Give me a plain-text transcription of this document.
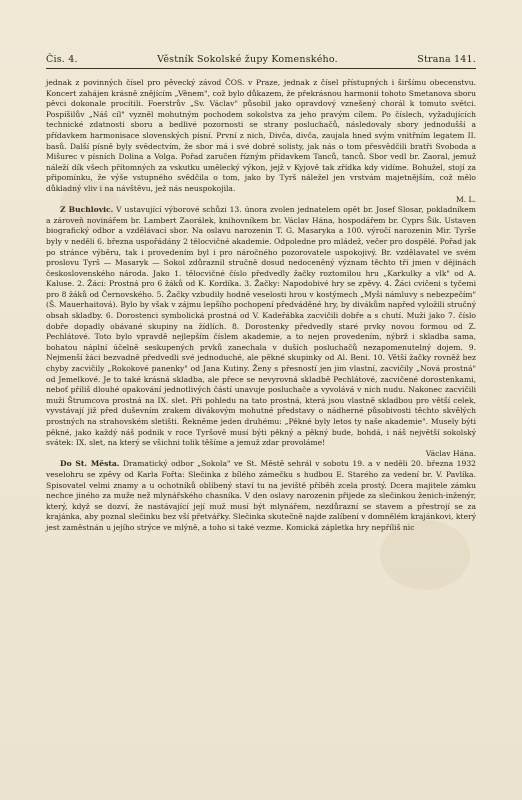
Čis. 4.	Věstník Sokolské župy Komenského.	Strana 141.

jednak z povinných čísel pro pěvecký závod ČOS. v Praze, jednak z čísel přístupných i širšímu obecenstvu. Koncert zahájen krásně znějícím „Věnem", což bylo důkazem, že překrásnou harmonii tohoto Smetanova sboru pěvci dokonale procítili. Foerstrův „Sv. Václav" působil jako opravdový vznešený chorál k tomuto světci. Pospíšilův „Náš cíl" vyzněl mohutným pochodem sokolstva za jeho pravým cílem. Po číslech, vyžadujících technické zdatnosti sboru a bedlivé pozornosti se strany posluchačů, následovaly sbory jednodušší a přídavkem harmonisace slovenských písní. První z nich, Divča, divča, zaujala hned svým vnitřním legatem II. basů. Další písně byly svědectvím, že sbor má i své dobré solisty, jak nás o tom přesvědčili bratři Svoboda a Mišurec v písních Dolina a Volga. Pořad zaručen řízným přídavkem Tanců, tanců. Sbor vedl br. Zaoral, jemuž náleží dík všech přítomných za vskutku umělecký výkon, jejž v Kyjově tak zřídka kdy vidíme. Bohužel, stojí za připomínku, že výše vstupného svědčila o tom, jako by Tyrš náležel jen vrstvám majetnějším, což mělo důkladný vliv i na návštěvu, jež nás neuspokojila.
M. L.

Z Buchlovic. V ustavující výborové schůzi 13. února zvolen jednatelem opět br. Josef Slosar, pokladníkem a zároveň novinářem br. Lambert Zaorálek, knihovníkem br. Václav Hána, hospodářem br. Cyprs Šik. Ustaven biografický odbor a vzdělávací sbor. Na oslavu narozenin T. G. Masaryka a 100. výročí narozenin Mir. Tyrše byly v neděli 6. března uspořádány 2 tělocvičné akademie. Odpoledne pro mládež, večer pro dospělé. Pořad jak po stránce výběru, tak i provedením byl i pro náročného pozorovatele uspokojivý. Br. vzdělavatel ve svém proslovu Tyrš — Masaryk — Sokol zdůraznil stručně dosud nedoceněný význam těchto tří jmen v dějinách československého národa. Jako 1. tělocvičné číslo předvedly žačky roztomilou hru „Karkulky a vlk" od A. Kaluse. 2. Žáci: Prostná pro 6 žáků od K. Kordíka. 3. Žačky: Napodobivé hry se zpěvy. 4. Žáci cvičeni s tyčemi pro 8 žáků od Černovského. 5. Žačky vzbudily hodně veselosti hrou v kostýmech „Myši námluvy s nebezpečím" (Š. Mauerhaitová). Bylo by však v zájmu lepšího pochopení předváděné hry, by divákům napřed vyložili stručný obsah skladby. 6. Dorostenci symbolická prostná od V. Kadeřábka zacvičili dobře a s chutí. Muži jako 7. číslo dobře dopadly obávané skupiny na žídlích. 8. Dorostenky předvedly staré prvky novou formou od Z. Pechlátové. Toto bylo vpravdě nejlepším číslem akademie, a to nejen provedením, nýbrž i skladba sama, bohatou náplní účelně seskupených prvků zanechala v duších posluchačů nezapomenutelný dojem. 9. Nejmenší žáci bezvadně předvedli své jednoduché, ale pěkné skupinky od Al. Beni. 10. Větší žačky rovněž bez chyby zacvičily „Rokokové panenky" od Jana Kutiny. Ženy s přesností jen jim vlastní, zacvičily „Nová prostná" od Jemelkové. Je to také krásná skladba, ale přece se nevyrovná skladbě Pechlátové, zacvičené dorostenkami, neboť příliš dlouhé opakování jednotlivých částí unavuje posluchače a vyvolává v nich nudu. Nakonec zacvičili muži Štrumcova prostná na IX. slet. Při pohledu na tato prostná, která jsou vlastně skladbou pro větší celek, vyvstávají již před duševním zrakem divákovým mohutné představy o nádherné působivosti těchto skvělých prostných na strahovském sletišti. Řekněme jeden druhému: „Pěkné byly letos ty naše akademie". Musely býti pěkné, jako každý náš podnik v roce Tyršově musí býti pěkný a pěkný bude, bohdá, i náš největší sokolský svátek: IX. slet, na který se všichni tolik těšíme a jemuž zdar provoláme!
Václav Hána.

Do St. Města. Dramatický odbor „Sokola" ve St. Městě sehrál v sobotu 19. a v neděli 20. března 1932 veselohru se zpěvy od Karla Fořta: Slečinka z bílého zámečku s hudbou E. Starého za vedení br. V. Pavlíka. Spisovatel velmi znamy a u ochotníků oblíbený staví tu na jeviště příběh zcela prostý. Dcera majitele zámku nechce jiného za muže než mlynářského chasníka. V den oslavy narozenin přijede za slečinkou ženich-inženýr, který, když se dozví, že nastávající její muž musí být mlynářem, nezdůrazní se stavem a přestrojí se za krajánka, aby poznal slečinku bez vší přetvářky. Slečinka skutečně najde zalíbení v domnělém krajánkovi, který jest zaměstnán u jejího strýce ve mlýně, a toho si také vezme. Komická zápletka hry nepříliš nic
